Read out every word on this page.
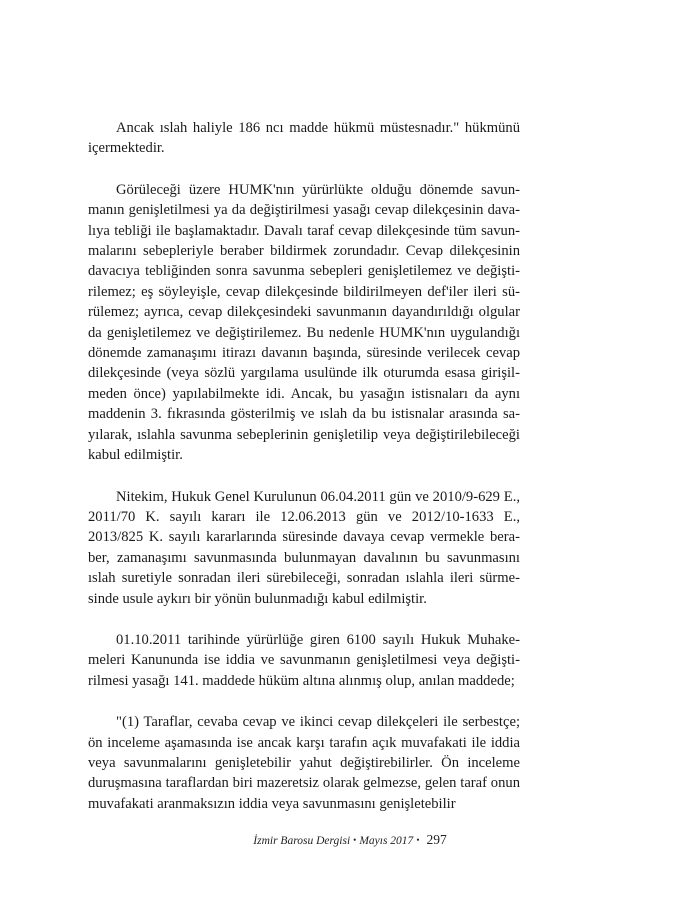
Ancak ıslah haliyle 186 ncı madde hükmü müstesnadır." hükmünü içermektedir.

Görüleceği üzere HUMK'nın yürürlükte olduğu dönemde savunmanın genişletilmesi ya da değiştirilmesi yasağı cevap dilekçesinin davalıya tebliği ile başlamaktadır. Davalı taraf cevap dilekçesinde tüm savunmalarını sebepleriyle beraber bildirmek zorundadır. Cevap dilekçesinin davacıya tebliğinden sonra savunma sebepleri genişletilemez ve değiştirilemez; eş söyleyişle, cevap dilekçesinde bildirilmeyen def'iler ileri sürülemez; ayrıca, cevap dilekçesindeki savunmanın dayandırıldığı olgular da genişletilemez ve değiştirilemez. Bu nedenle HUMK'nın uygulandığı dönemde zamanaşımı itirazı davanın başında, süresinde verilecek cevap dilekçesinde (veya sözlü yargılama usulünde ilk oturumda esasa girişilmeden önce) yapılabilmekte idi. Ancak, bu yasağın istisnaları da aynı maddenin 3. fıkrasında gösterilmiş ve ıslah da bu istisnalar arasında sayılarak, ıslahla savunma sebeplerinin genişletilip veya değiştirilebileceği kabul edilmiştir.

Nitekim, Hukuk Genel Kurulunun 06.04.2011 gün ve 2010/9-629 E., 2011/70 K. sayılı kararı ile 12.06.2013 gün ve 2012/10-1633 E., 2013/825 K. sayılı kararlarında süresinde davaya cevap vermekle beraber, zamanaşımı savunmasında bulunmayan davalının bu savunmasını ıslah suretiyle sonradan ileri sürebileceği, sonradan ıslahla ileri sürmesinde usule aykırı bir yönün bulunmadığı kabul edilmiştir.

01.10.2011 tarihinde yürürlüğe giren 6100 sayılı Hukuk Muhakemeleri Kanununda ise iddia ve savunmanın genişletilmesi veya değiştirilmesi yasağı 141. maddede hüküm altına alınmış olup, anılan maddede;

"(1) Taraflar, cevaba cevap ve ikinci cevap dilekçeleri ile serbestçe; ön inceleme aşamasında ise ancak karşı tarafın açık muvafakati ile iddia veya savunmalarını genişletebilir yahut değiştirebilirler. Ön inceleme duruşmasına taraflardan biri mazeretsiz olarak gelmezse, gelen taraf onun muvafakati aranmaksızın iddia veya savunmasını genişletebilir

İzmir Barosu Dergisi • Mayıs 2017 • 297
